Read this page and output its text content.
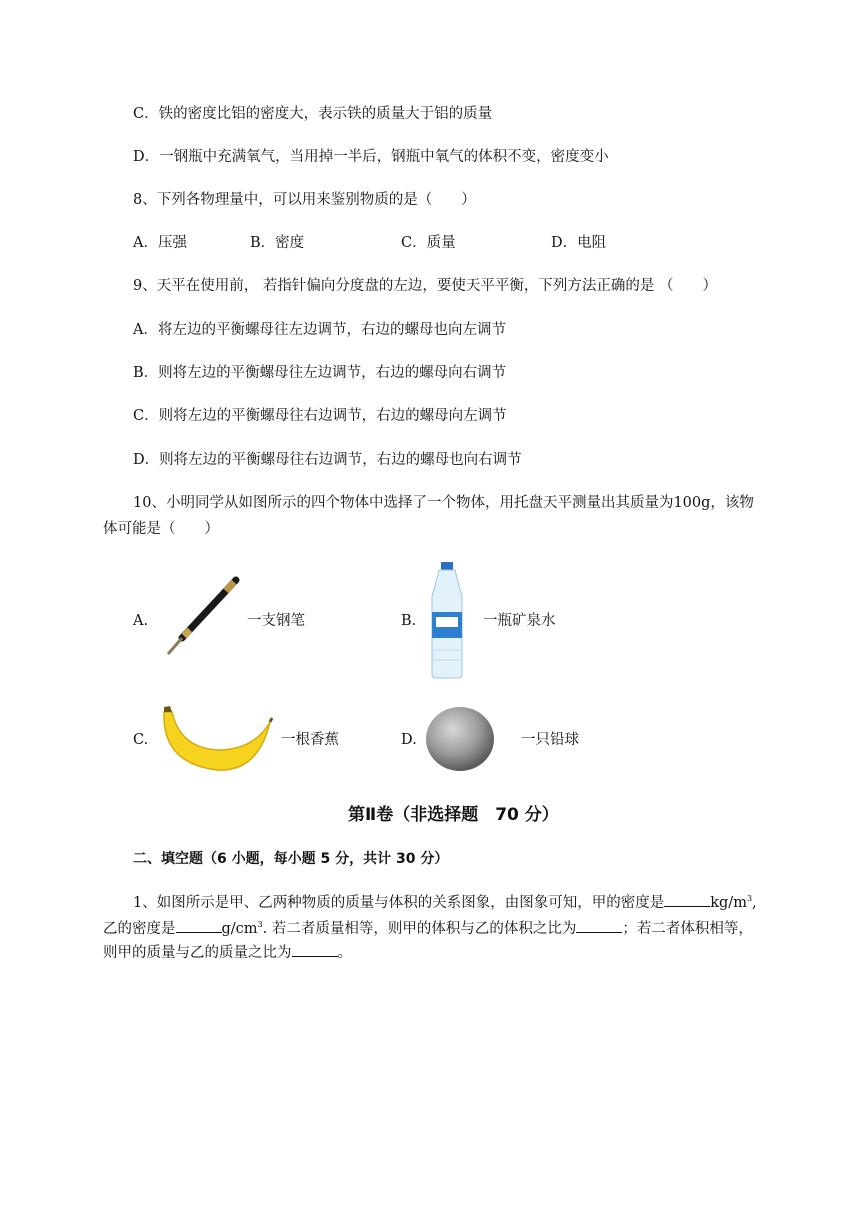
C．铁的密度比铝的密度大，表示铁的质量大于铝的质量
D．一钢瓶中充满氧气，当用掉一半后，钢瓶中氧气的体积不变，密度变小
8、下列各物理量中，可以用来鉴别物质的是（　　）
A．压强	B．密度	C．质量	D．电阻
9、天平在使用前， 若指针偏向分度盘的左边，要使天平平衡，下列方法正确的是 （　　）
A．将左边的平衡螺母往左边调节，右边的螺母也向左调节
B．则将左边的平衡螺母往左边调节，右边的螺母向右调节
C．则将左边的平衡螺母往右边调节，右边的螺母向左调节
D．则将左边的平衡螺母往右边调节，右边的螺母也向右调节
10、小明同学从如图所示的四个物体中选择了一个物体，用托盘天平测量出其质量为100g，该物
体可能是（　　）
A.	一支钢笔	B.	一瓶矿泉水
C.	一根香蕉	D.	一只铅球
第Ⅱ卷（非选择题　70 分）
二、填空题（6 小题，每小题 5 分，共计 30 分）
1、如图所示是甲、乙两种物质的质量与体积的关系图象，由图象可知，甲的密度是	$kg/m^3$,
乙的密度是	$g/cm^3$. 若二者质量相等，则甲的体积与乙的体积之比为	；若二者体积相等，
则甲的质量与乙的质量之比为	。
